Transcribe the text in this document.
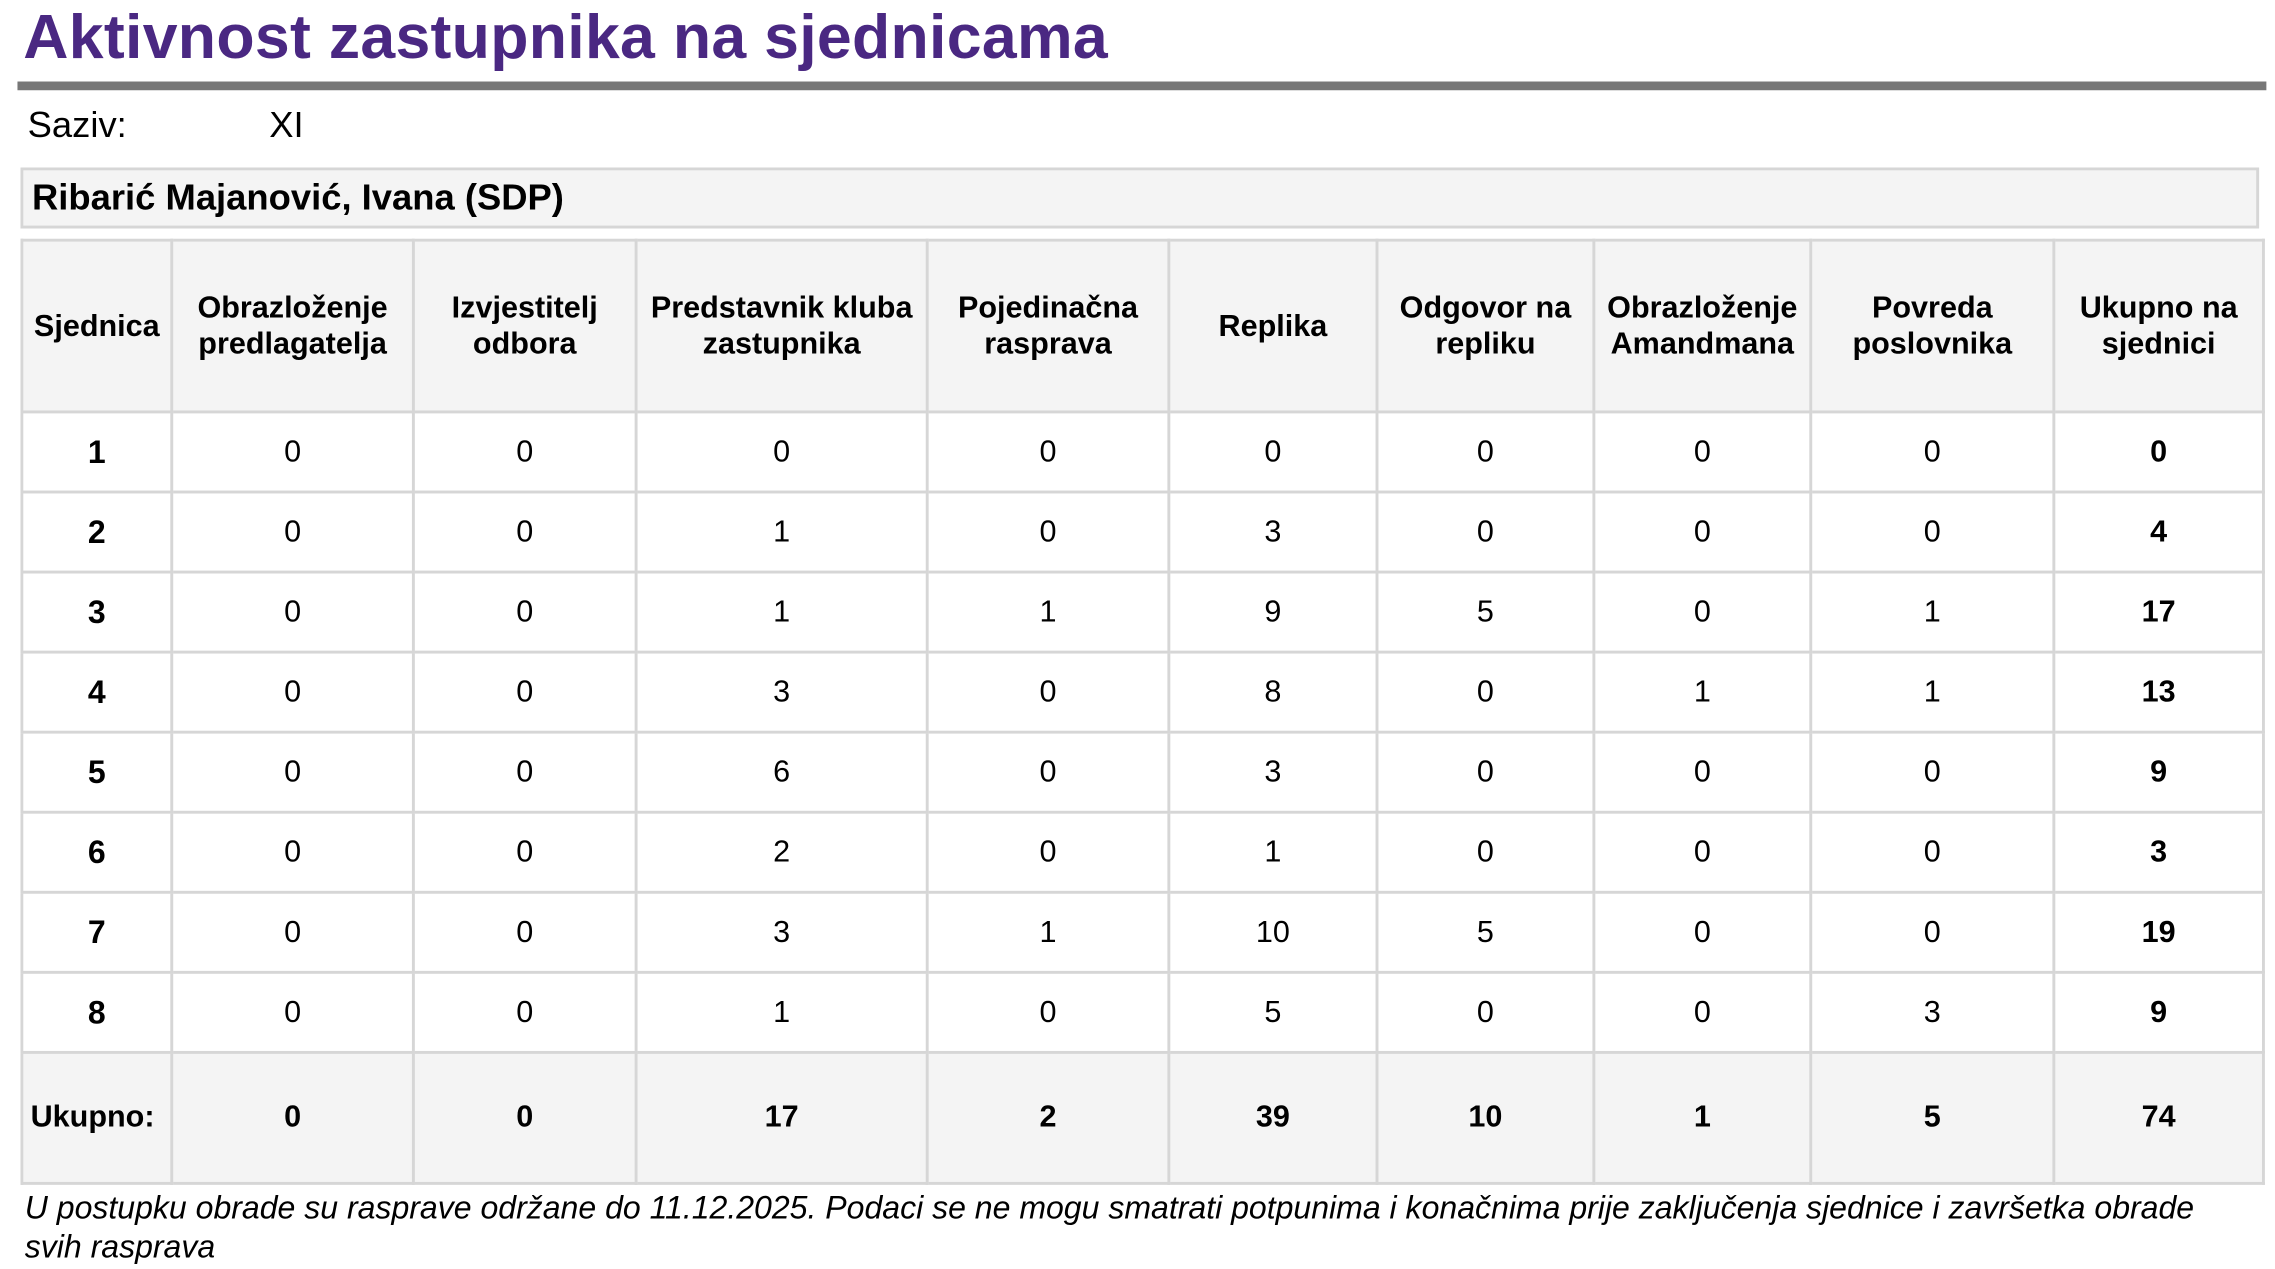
Aktivnost zastupnika na sjednicama
Saziv:	XI
Ribarić Majanović, Ivana (SDP)
Sjednica	Obrazloženje predlagatelja	Izvjestitelj odbora	Predstavnik kluba zastupnika	Pojedinačna rasprava	Replika	Odgovor na repliku	Obrazloženje Amandmana	Povreda poslovnika	Ukupno na sjednici
1	0	0	0	0	0	0	0	0	0
2	0	0	1	0	3	0	0	0	4
3	0	0	1	1	9	5	0	1	17
4	0	0	3	0	8	0	1	1	13
5	0	0	6	0	3	0	0	0	9
6	0	0	2	0	1	0	0	0	3
7	0	0	3	1	10	5	0	0	19
8	0	0	1	0	5	0	0	3	9
Ukupno:	0	0	17	2	39	10	1	5	74
U postupku obrade su rasprave održane do 11.12.2025. Podaci se ne mogu smatrati potpunima i konačnima prije zaključenja sjednice i završetka obrade svih rasprava
